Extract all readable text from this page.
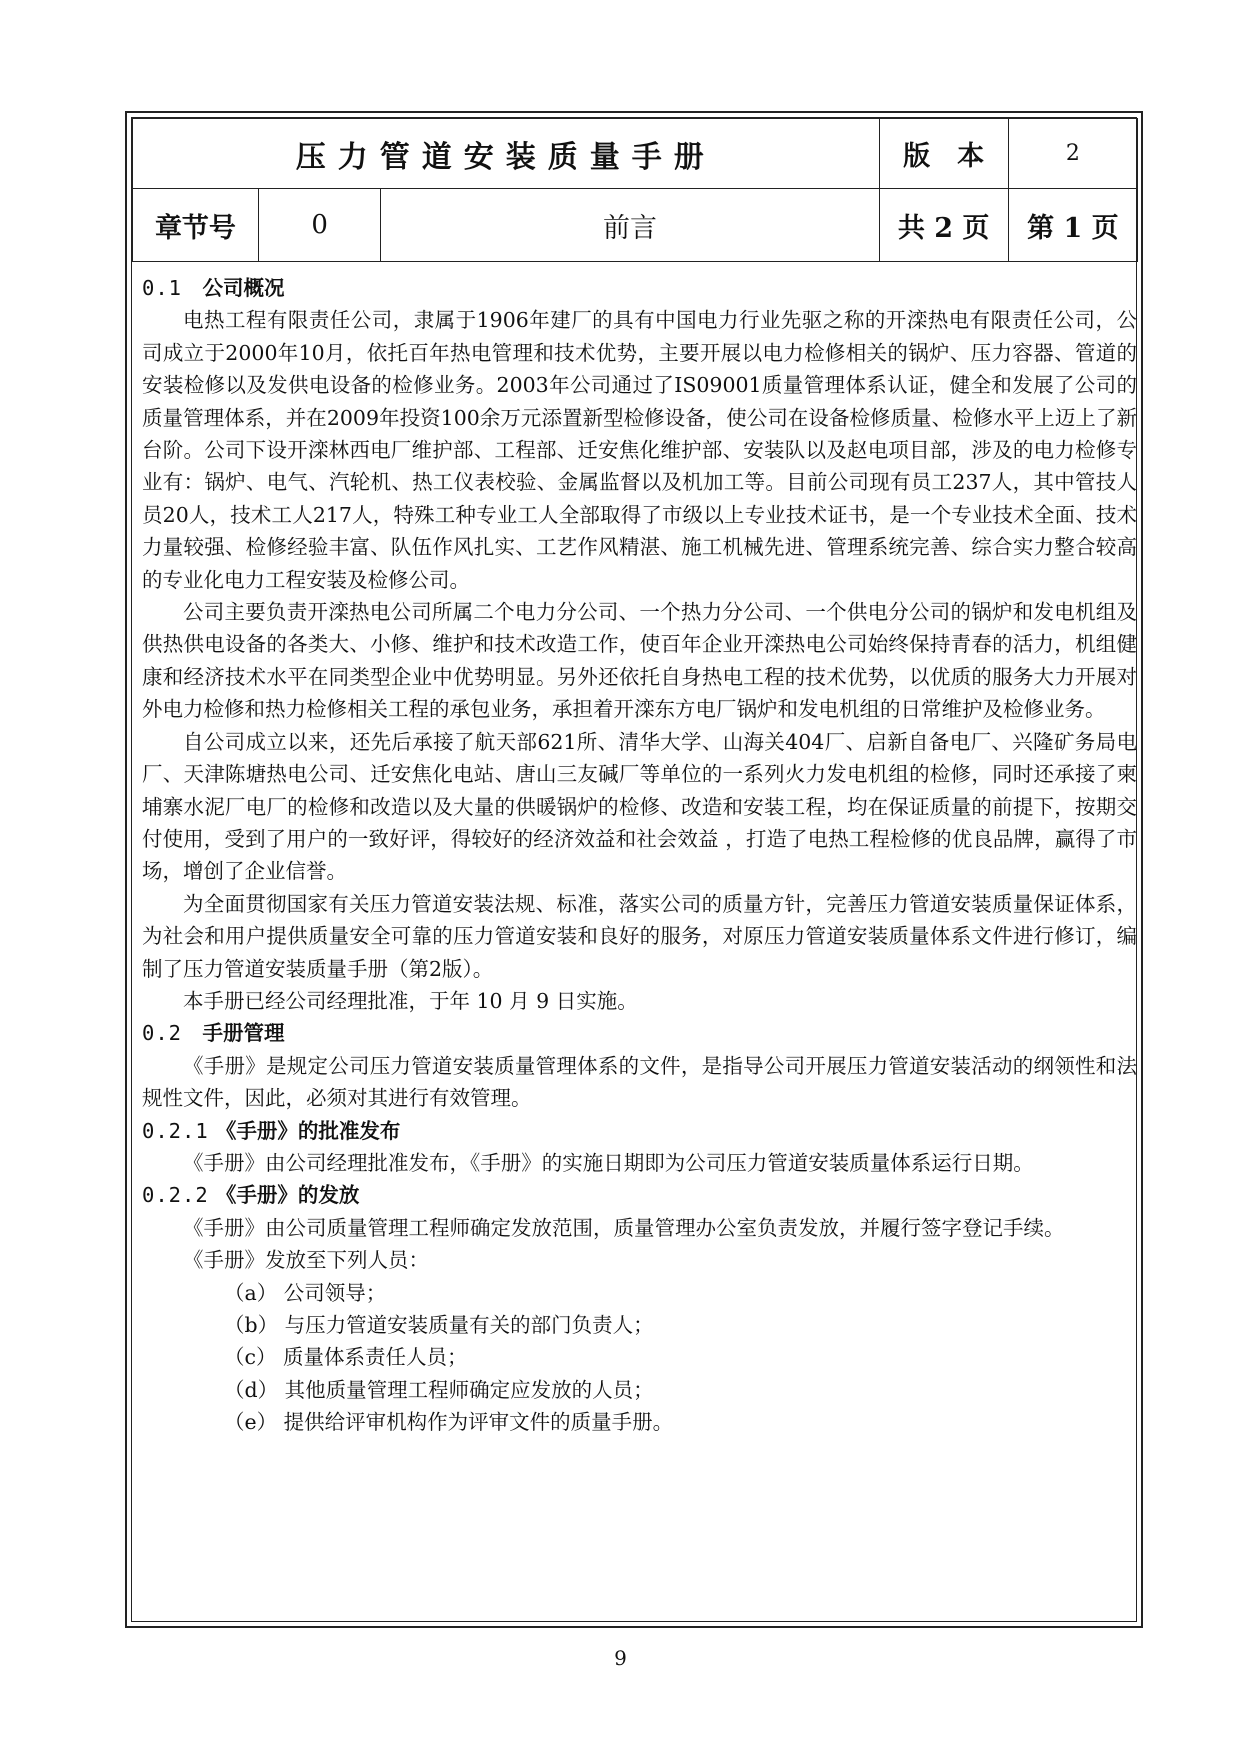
压力管道安装质量手册			版　本	2
章节号	0	前言	共 2 页	第 1 页

0.1　 公司概况

电热工程有限责任公司，隶属于1906年建厂的具有中国电力行业先驱之称的开滦热电有限责任公司，公司成立于2000年10月，依托百年热电管理和技术优势，主要开展以电力检修相关的锅炉、压力容器、管道的安装检修以及发供电设备的检修业务。2003年公司通过了IS09001质量管理体系认证，健全和发展了公司的质量管理体系，并在2009年投资100余万元添置新型检修设备，使公司在设备检修质量、检修水平上迈上了新台阶。公司下设开滦林西电厂维护部、工程部、迁安焦化维护部、安装队以及赵电项目部，涉及的电力检修专业有：锅炉、电气、汽轮机、热工仪表校验、金属监督以及机加工等。目前公司现有员工237人，其中管技人员20人，技术工人217人，特殊工种专业工人全部取得了市级以上专业技术证书，是一个专业技术全面、技术力量较强、检修经验丰富、队伍作风扎实、工艺作风精湛、施工机械先进、管理系统完善、综合实力整合较高的专业化电力工程安装及检修公司。

公司主要负责开滦热电公司所属二个电力分公司、一个热力分公司、一个供电分公司的锅炉和发电机组及供热供电设备的各类大、小修、维护和技术改造工作，使百年企业开滦热电公司始终保持青春的活力，机组健康和经济技术水平在同类型企业中优势明显。另外还依托自身热电工程的技术优势，以优质的服务大力开展对外电力检修和热力检修相关工程的承包业务，承担着开滦东方电厂锅炉和发电机组的日常维护及检修业务。

自公司成立以来，还先后承接了航天部621所、清华大学、山海关404厂、启新自备电厂、兴隆矿务局电厂、天津陈塘热电公司、迁安焦化电站、唐山三友碱厂等单位的一系列火力发电机组的检修，同时还承接了柬埔寨水泥厂电厂的检修和改造以及大量的供暖锅炉的检修、改造和安装工程，均在保证质量的前提下，按期交付使用，受到了用户的一致好评，得较好的经济效益和社会效益 ，打造了电热工程检修的优良品牌，赢得了市场，增创了企业信誉。

为全面贯彻国家有关压力管道安装法规、标准，落实公司的质量方针，完善压力管道安装质量保证体系，为社会和用户提供质量安全可靠的压力管道安装和良好的服务，对原压力管道安装质量体系文件进行修订，编制了压力管道安装质量手册（第2版）。

本手册已经公司经理批准，于年 10 月 9 日实施。

0.2　 手册管理

《手册》是规定公司压力管道安装质量管理体系的文件，是指导公司开展压力管道安装活动的纲领性和法规性文件，因此，必须对其进行有效管理。

0.2.1 《手册》的批准发布

《手册》由公司经理批准发布，《手册》的实施日期即为公司压力管道安装质量体系运行日期。

0.2.2 《手册》的发放

《手册》由公司质量管理工程师确定发放范围，质量管理办公室负责发放，并履行签字登记手续。

《手册》发放至下列人员：

（a） 公司领导；

（b） 与压力管道安装质量有关的部门负责人；

（c） 质量体系责任人员；

（d） 其他质量管理工程师确定应发放的人员；

（e） 提供给评审机构作为评审文件的质量手册。

9
